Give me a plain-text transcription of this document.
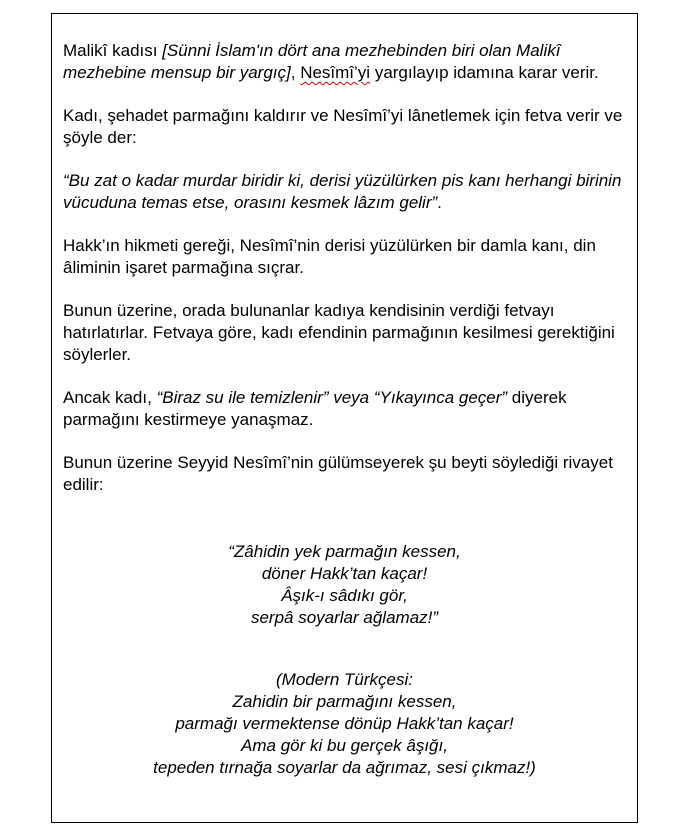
Malikî kadısı [Sünni İslam'ın dört ana mezhebinden biri olan Malikî mezhebine mensup bir yargıç], Nesîmî’yi yargılayıp idamına karar verir.

Kadı, şehadet parmağını kaldırır ve Nesîmî’yi lânetlemek için fetva verir ve şöyle der:

“Bu zat o kadar murdar biridir ki, derisi yüzülürken pis kanı herhangi birinin vücuduna temas etse, orasını kesmek lâzım gelir”.

Hakk’ın hikmeti gereği, Nesîmî’nin derisi yüzülürken bir damla kanı, din âliminin işaret parmağına sıçrar.

Bunun üzerine, orada bulunanlar kadıya kendisinin verdiği fetvayı hatırlatırlar. Fetvaya göre, kadı efendinin parmağının kesilmesi gerektiğini söylerler.

Ancak kadı, “Biraz su ile temizlenir” veya “Yıkayınca geçer” diyerek parmağını kestirmeye yanaşmaz.

Bunun üzerine Seyyid Nesîmî’nin gülümseyerek şu beyti söylediği rivayet edilir:

“Zâhidin yek parmağın kessen,
döner Hakk’tan kaçar!
Âşık-ı sâdıkı gör,
serpâ soyarlar ağlamaz!”

(Modern Türkçesi:
Zahidin bir parmağını kessen,
parmağı vermektense dönüp Hakk’tan kaçar!
Ama gör ki bu gerçek âşığı,
tepeden tırnağa soyarlar da ağrımaz, sesi çıkmaz!)
